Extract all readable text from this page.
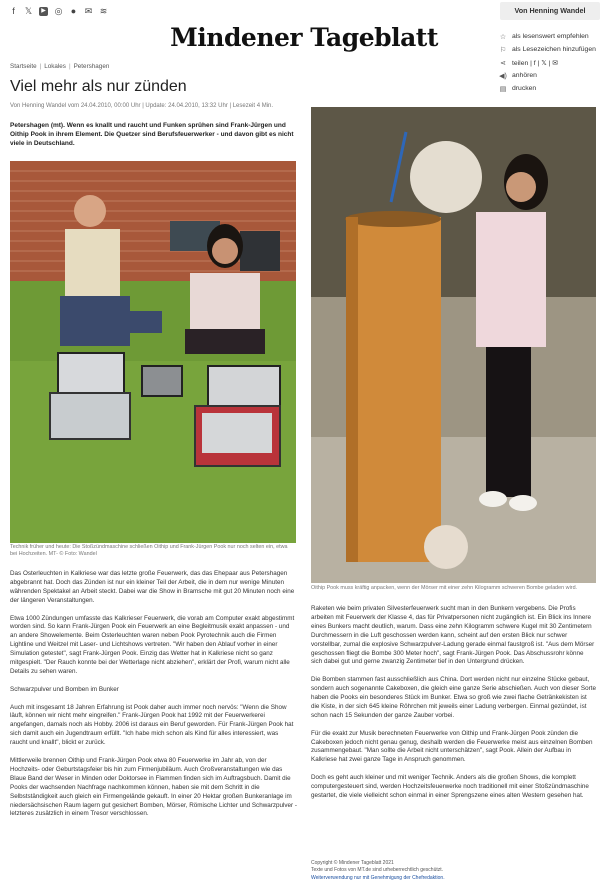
f	𝕏	▶ ◎ ● ✉ ≋	Von Henning Wandel
Mindener Tageblatt	☆ als lesenswert empfehlen
⚐ als Lesezeichen hinzufügen
⋖ teilen | f | 𝕏 | ✉
◀) anhören
▤ drucken
Startseite | Lokales | Petershagen
Viel mehr als nur zünden
Von Henning Wandel vom 24.04.2010, 00:00 Uhr | Update: 24.04.2010, 13:32 Uhr | Lesezeit 4 Min.
Petershagen (mt). Wenn es knallt und raucht und Funken sprühen sind Frank-Jürgen und Oithip Pook in ihrem Element. Die Quetzer sind Berufsfeuerwerker - und davon gibt es nicht viele in Deutschland.
Technik früher und heute: Die Stoßzündmaschine schließen Oithip und Frank-Jürgen Pook nur noch selten ein, etwa bei Hochzeiten. MT- © Foto: Wandel
Oithip Pook muss kräftig anpacken, wenn der Mörser mit einer zehn Kilogramm schweren Bombe geladen wird.

Das Osterleuchten in Kalkriese war das letzte große Feuerwerk, das das Ehepaar aus Petershagen abgebrannt hat. Doch das Zünden ist nur ein kleiner Teil der Arbeit, die in dem nur wenige Minuten währenden Spektakel an Arbeit steckt. Dabei war die Show in Bramsche mit gut 20 Minuten noch eine der längeren Veranstaltungen.

Etwa 1000 Zündungen umfasste das Kalkrieser Feuerwerk, die vorab am Computer exakt abgestimmt worden sind. So kann Frank-Jürgen Pook ein Feuerwerk an eine Begleitmusik exakt anpassen - und an andere Showelemente. Beim Osterleuchten waren neben Pook Pyrotechnik auch die Firmen Lightline und Weitzel mit Laser- und Lichtshows vertreten. "Wir haben den Ablauf vorher in einer Simulation getestet", sagt Frank-Jürgen Pook. Einzig das Wetter hat in Kalkriese nicht so ganz mitgespielt. "Der Rauch konnte bei der Wetterlage nicht abziehen", erklärt der Profi, warum nicht alle Details zu sehen waren.

Schwarzpulver und Bomben im Bunker

Auch mit insgesamt 18 Jahren Erfahrung ist Pook daher auch immer noch nervös: "Wenn die Show läuft, können wir nicht mehr eingreifen." Frank-Jürgen Pook hat 1992 mit der Feuerwerkerei angefangen, damals noch als Hobby. 2006 ist daraus ein Beruf geworden. Für Frank-Jürgen Pook hat sich damit auch ein Jugendtraum erfüllt. "Ich habe mich schon als Kind für alles interessiert, was raucht und knallt", blickt er zurück.

Mittlerweile brennen Oithip und Frank-Jürgen Pook etwa 80 Feuerwerke im Jahr ab, von der Hochzeits- oder Geburtstagsfeier bis hin zum Firmenjubiläum. Auch Großveranstaltungen wie das Blaue Band der Weser in Minden oder Doktorsee in Flammen finden sich im Auftragsbuch. Damit die Pooks der wachsenden Nachfrage nachkommen können, haben sie mit dem Schritt in die Selbstständigkeit auch gleich ein Firmengelände gekauft. In einer 20 Hektar großen Bunkeranlage im niedersächsischen Raum lagern gut gesichert Bomben, Mörser, Römische Lichter und Schwarzpulver - letzteres zusätzlich in einem Tresor verschlossen.

Raketen wie beim privaten Silvesterfeuerwerk sucht man in den Bunkern vergebens. Die Profis arbeiten mit Feuerwerk der Klasse 4, das für Privatpersonen nicht zugänglich ist. Ein Blick ins Innere eines Bunkers macht deutlich, warum. Dass eine zehn Kilogramm schwere Kugel mit 30 Zentimetern Durchmessern in die Luft geschossen werden kann, scheint auf den ersten Blick nur schwer vorstellbar, zumal die explosive Schwarzpulver-Ladung gerade einmal faustgroß ist. "Aus dem Mörser geschossen fliegt die Bombe 300 Meter hoch", sagt Frank-Jürgen Pook. Das Abschussrohr könne sich dabei gut und gerne zwanzig Zentimeter tief in den Untergrund drücken.

Die Bomben stammen fast ausschließlich aus China. Dort werden nicht nur einzelne Stücke gebaut, sondern auch sogenannte Cakeboxen, die gleich eine ganze Serie abschießen. Auch von dieser Sorte haben die Pooks ein besonderes Stück im Bunker. Etwa so groß wie zwei flache Getränkekisten ist die Kiste, in der sich 645 kleine Röhrchen mit jeweils einer Ladung verbergen. Einmal gezündet, ist schon nach 15 Sekunden der ganze Zauber vorbei.

Für die exakt zur Musik berechneten Feuerwerke von Oithip und Frank-Jürgen Pook zünden die Cakeboxen jedoch nicht genau genug, deshalb werden die Feuerwerke meist aus einzelnen Bomben zusammengebaut. "Man sollte die Arbeit nicht unterschätzen", sagt Pook. Allein der Aufbau in Kalkriese hat zwei ganze Tage in Anspruch genommen.

Doch es geht auch kleiner und mit weniger Technik. Anders als die großen Shows, die komplett computergesteuert sind, werden Hochzeitsfeuerwerke noch traditionell mit einer Stoßzündmaschine gestartet, die viele vielleicht schon einmal in einer Sprengszene eines alten Western gesehen hat.

Copyright © Mindener Tageblatt 2021
Texte und Fotos von MT.de sind urheberrechtlich geschützt.
Weiterverwendung nur mit Genehmigung der Chefredaktion.
